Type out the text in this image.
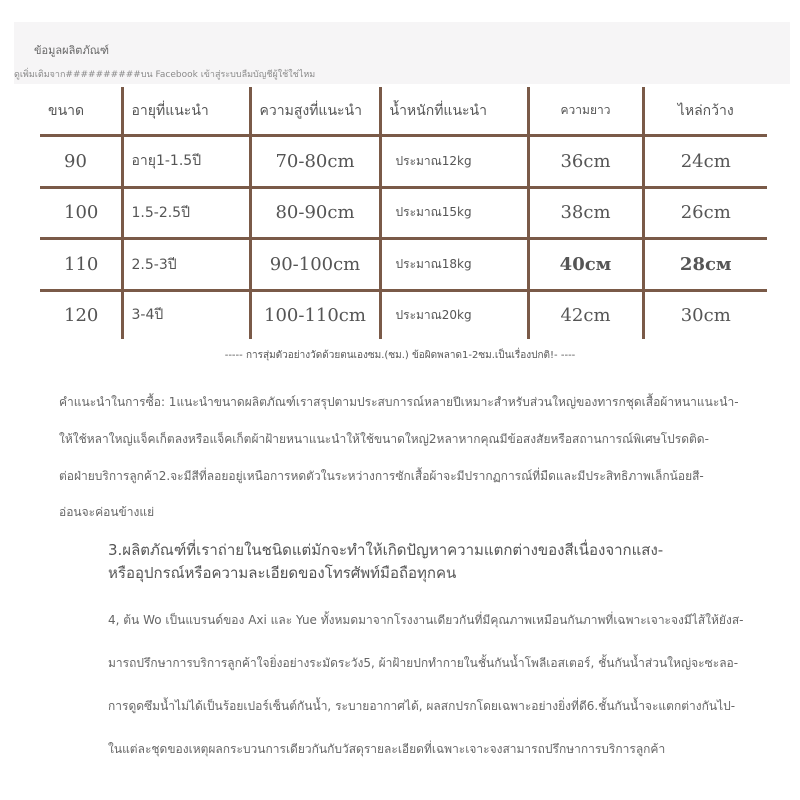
ข้อมูลผลิตภัณฑ์
ดูเพิ่มเติมจาก##########บน Facebook เข้าสู่ระบบลืมบัญชีผู้ใช้ใช่ไหม
ขนาด	อายุที่แนะนำ	ความสูงที่แนะนำ	น้ำหนักที่แนะนำ	ความยาว	ไหล่กว้าง
90	อายุ1-1.5ปี	70-80cm	ประมาณ12kg	36cm	24cm
100	1.5-2.5ปี	80-90cm	ประมาณ15kg	38cm	26cm
110	2.5-3ปี	90-100cm	ประมาณ18kg	40cм	28cм
120	3-4ปี	100-110cm	ประมาณ20kg	42cm	30cm
----- การสุ่มตัวอย่างวัดด้วยตนเองซม.(ซม.) ข้อผิดพลาด1-2ซม.เป็นเรื่องปกติ!- ----
คำแนะนำในการซื้อ: 1แนะนำขนาดผลิตภัณฑ์เราสรุปตามประสบการณ์หลายปีเหมาะสำหรับส่วนใหญ่ของทารกชุดเสื้อผ้าหนาแนะนำ-
ให้ใช้หลาใหญ่แจ็คเก็ตลงหรือแจ็คเก็ตผ้าฝ้ายหนาแนะนำให้ใช้ขนาดใหญ่2หลาหากคุณมีข้อสงสัยหรือสถานการณ์พิเศษโปรดติด-
ต่อฝ่ายบริการลูกค้า2.จะมีสีที่ลอยอยู่เหนือการหดตัวในระหว่างการซักเสื้อผ้าจะมีปรากฏการณ์ที่มืดและมีประสิทธิภาพเล็กน้อยสี-
อ่อนจะค่อนข้างแย่
3.ผลิตภัณฑ์ที่เราถ่ายในชนิดแต่มักจะทำให้เกิดปัญหาความแตกต่างของสีเนื่องจากแสง-
หรืออุปกรณ์หรือความละเอียดของโทรศัพท์มือถือทุกคน
4, ต้น Wo เป็นแบรนด์ของ Axi และ Yue ทั้งหมดมาจากโรงงานเดียวกันที่มีคุณภาพเหมือนกันภาพที่เฉพาะเจาะจงมีไส้ให้ยังส-
มารถปรึกษาการบริการลูกค้าใจยิ่งอย่างระมัดระวัง5, ผ้าฝ้ายปกทำกายในชั้นกันน้ำโพลีเอสเตอร์, ชั้นกันน้ำส่วนใหญ่จะซะลอ-
การดูดซึมน้ำไม่ได้เป็นร้อยเปอร์เซ็นต์กันน้ำ, ระบายอากาศได้, ผลสกปรกโดยเฉพาะอย่างยิ่งที่ดี6.ชั้นกันน้ำจะแตกต่างกันไป-
ในแต่ละชุดของเหตุผลกระบวนการเดียวกันกับวัสดุรายละเอียดที่เฉพาะเจาะจงสามารถปรึกษาการบริการลูกค้า
